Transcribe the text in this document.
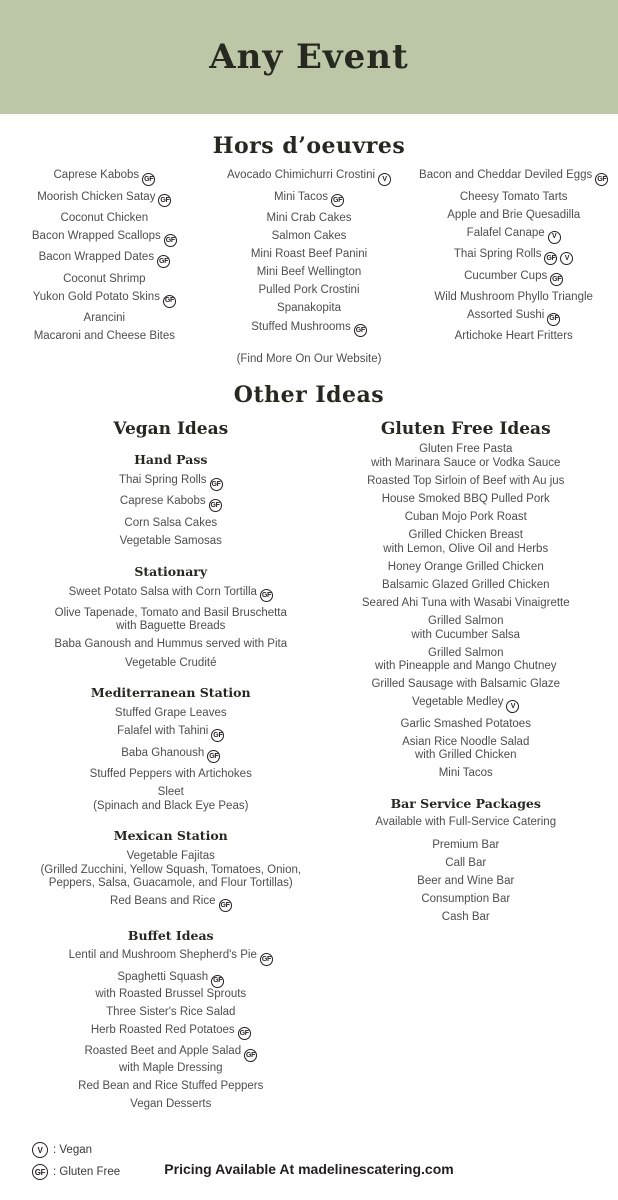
Any Event
Hors d’oeuvres
Caprese Kabobs GF
Moorish Chicken Satay GF
Coconut Chicken
Bacon Wrapped Scallops GF
Bacon Wrapped Dates GF
Coconut Shrimp
Yukon Gold Potato Skins GF
Arancini
Macaroni and Cheese Bites
Avocado Chimichurri Crostini V
Mini Tacos GF
Mini Crab Cakes
Salmon Cakes
Mini Roast Beef Panini
Mini Beef Wellington
Pulled Pork Crostini
Spanakopita
Stuffed Mushrooms GF
Bacon and Cheddar Deviled Eggs GF
Cheesy Tomato Tarts
Apple and Brie Quesadilla
Falafel Canape V
Thai Spring Rolls GF V
Cucumber Cups GF
Wild Mushroom Phyllo Triangle
Assorted Sushi GF
Artichoke Heart Fritters
(Find More On Our Website)
Other Ideas
Vegan Ideas
Hand Pass
Thai Spring Rolls GF
Caprese Kabobs GF
Corn Salsa Cakes
Vegetable Samosas
Stationary
Sweet Potato Salsa with Corn Tortilla GF
Olive Tapenade, Tomato and Basil Bruschetta
with Baguette Breads
Baba Ganoush and Hummus served with Pita
Vegetable Crudité
Mediterranean Station
Stuffed Grape Leaves
Falafel with Tahini GF
Baba Ghanoush GF
Stuffed Peppers with Artichokes
Sleet
(Spinach and Black Eye Peas)
Mexican Station
Vegetable Fajitas
(Grilled Zucchini, Yellow Squash, Tomatoes, Onion,
Peppers, Salsa, Guacamole, and Flour Tortillas)
Red Beans and Rice GF
Buffet Ideas
Lentil and Mushroom Shepherd's Pie GF
Spaghetti Squash GF
with Roasted Brussel Sprouts
Three Sister's Rice Salad
Herb Roasted Red Potatoes GF
Roasted Beet and Apple Salad GF
with Maple Dressing
Red Bean and Rice Stuffed Peppers
Vegan Desserts
Gluten Free Ideas
Gluten Free Pasta
with Marinara Sauce or Vodka Sauce
Roasted Top Sirloin of Beef with Au jus
House Smoked BBQ Pulled Pork
Cuban Mojo Pork Roast
Grilled Chicken Breast
with Lemon, Olive Oil and Herbs
Honey Orange Grilled Chicken
Balsamic Glazed Grilled Chicken
Seared Ahi Tuna with Wasabi Vinaigrette
Grilled Salmon
with Cucumber Salsa
Grilled Salmon
with Pineapple and Mango Chutney
Grilled Sausage with Balsamic Glaze
Vegetable Medley V
Garlic Smashed Potatoes
Asian Rice Noodle Salad
with Grilled Chicken
Mini Tacos
Bar Service Packages
Available with Full-Service Catering
Premium Bar
Call Bar
Beer and Wine Bar
Consumption Bar
Cash Bar
V : Vegan
GF : Gluten Free	Pricing Available At madelinescatering.com
